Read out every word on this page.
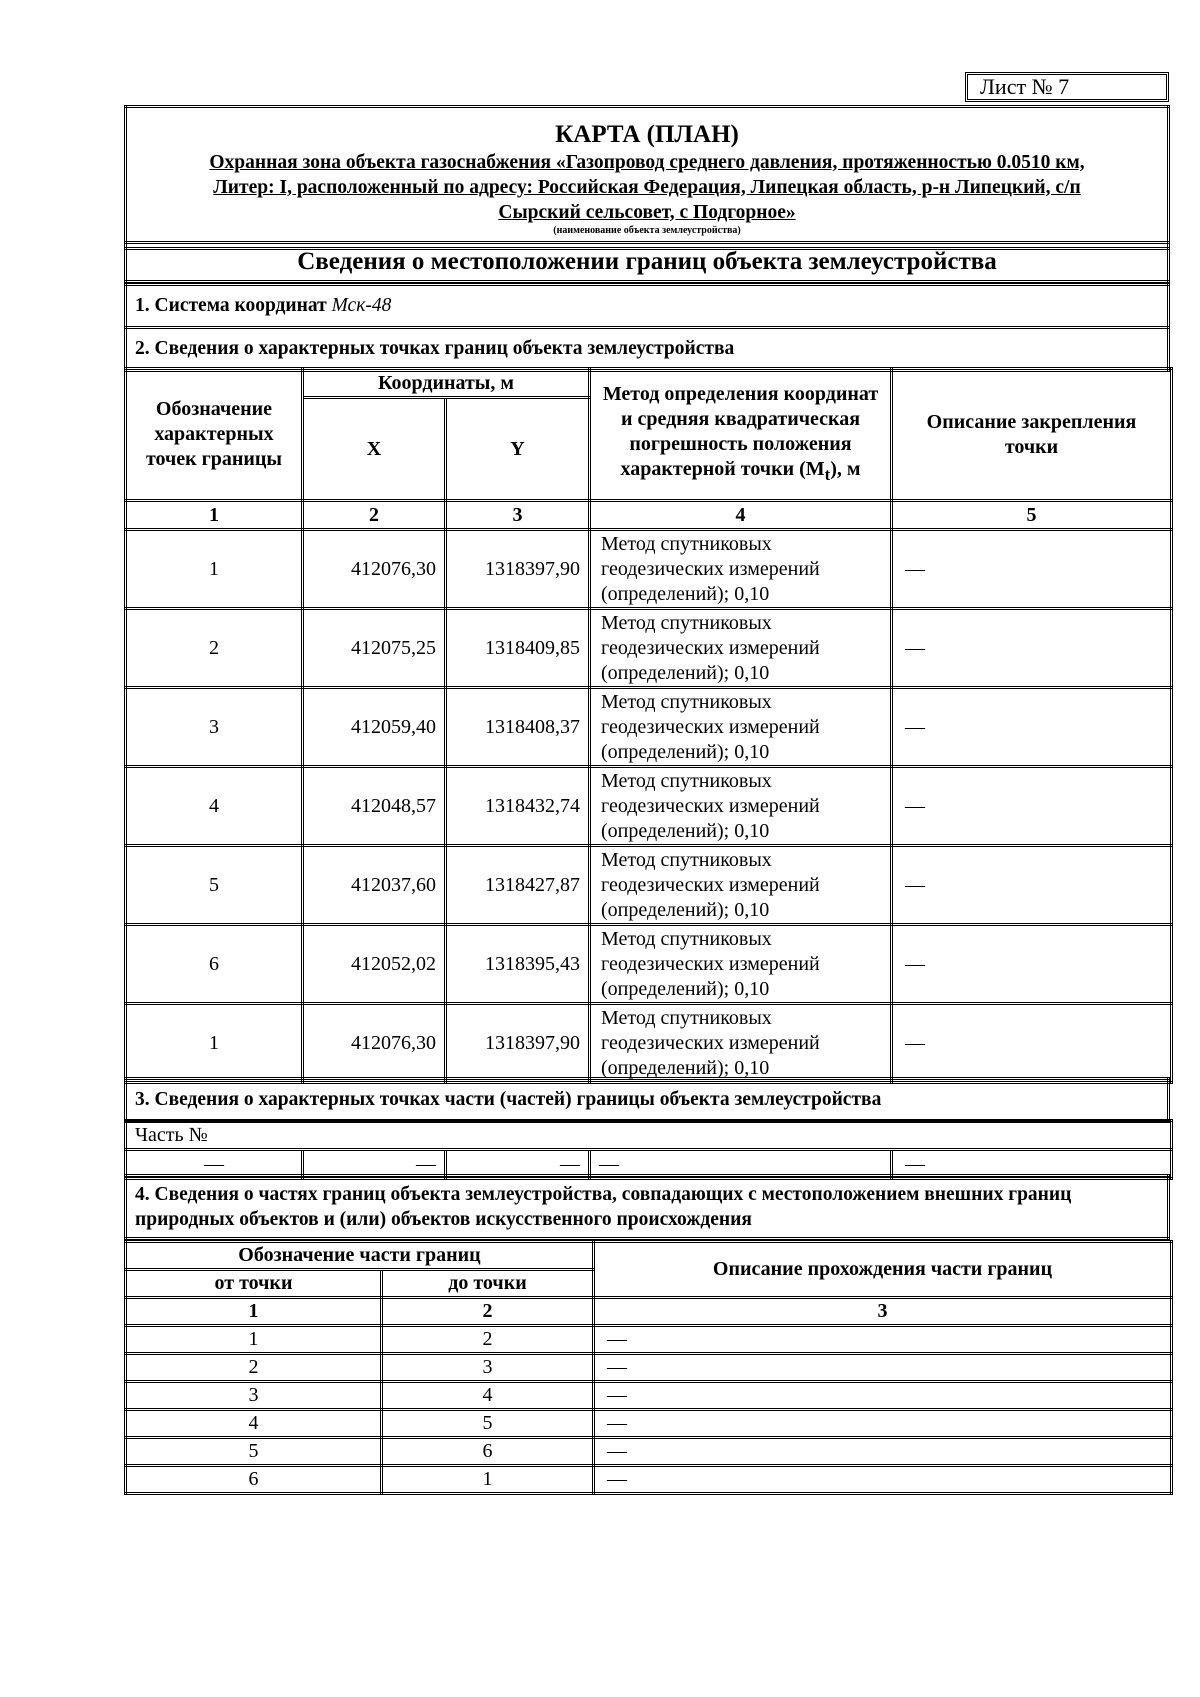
Лист № 7
КАРТА (ПЛАН)
Охранная зона объекта газоснабжения «Газопровод среднего давления, протяженностью 0.0510 км,
Литер: I, расположенный по адресу: Российская Федерация, Липецкая область, р-н Липецкий, с/п
Сырский сельсовет, с Подгорное»
(наименование объекта землеустройства)
Сведения о местоположении границ объекта землеустройства
1. Система координат Мск-48
2. Сведения о характерных точках границ объекта землеустройства
Обозначение характерных точек границы	Координаты, м		Метод определения координат и средняя квадратическая погрешность положения характерной точки $(M_t)$, м	Описание закрепления точки
	X	Y		
1	2	3	4	5
1	412076,30	1318397,90	Метод спутниковых геодезических измерений (определений); 0,10	—
2	412075,25	1318409,85	Метод спутниковых геодезических измерений (определений); 0,10	—
3	412059,40	1318408,37	Метод спутниковых геодезических измерений (определений); 0,10	—
4	412048,57	1318432,74	Метод спутниковых геодезических измерений (определений); 0,10	—
5	412037,60	1318427,87	Метод спутниковых геодезических измерений (определений); 0,10	—
6	412052,02	1318395,43	Метод спутниковых геодезических измерений (определений); 0,10	—
1	412076,30	1318397,90	Метод спутниковых геодезических измерений (определений); 0,10	—
3. Сведения о характерных точках части (частей) границы объекта землеустройства
Часть №
—	—	—	—	—
4. Сведения о частях границ объекта землеустройства, совпадающих с местоположением внешних границ природных объектов и (или) объектов искусственного происхождения
Обозначение части границ		Описание прохождения части границ
от точки	до точки	
1	2	3
1	2	—
2	3	—
3	4	—
4	5	—
5	6	—
6	1	—
